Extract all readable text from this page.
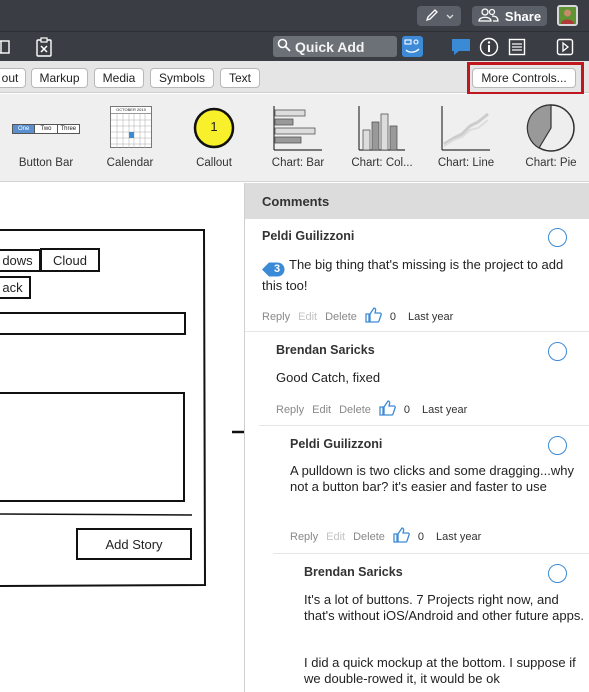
Share
Quick Add
out	Markup	Media	Symbols	Text	More Controls...
One	Two	Three
Button Bar
OCTOBER 2019
Calendar
1
Callout	Chart: Bar	Chart: Col...	Chart: Line	Chart: Pie
dows	Cloud
ack
Add Story
Comments
Peldi Guilizzoni
3 The big thing that's missing is the project to add this too!
Reply Edit Delete	0 Last year
Brendan Saricks
Good Catch, fixed
Reply Edit Delete	0 Last year
Peldi Guilizzoni
A pulldown is two clicks and some dragging...why not a button bar? it's easier and faster to use
Reply Edit Delete	0 Last year
Brendan Saricks
It's a lot of buttons. 7 Projects right now, and that's without iOS/Android and other future apps.
I did a quick mockup at the bottom. I suppose if we double-rowed it, it would be ok
